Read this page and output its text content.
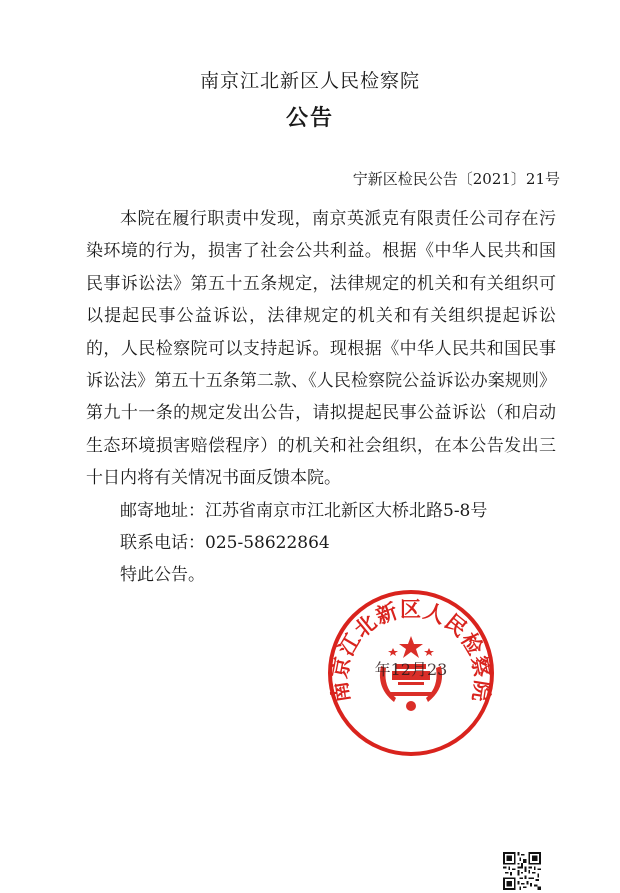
南京江北新区人民检察院
公告
宁新区检民公告〔2021〕21号

本院在履行职责中发现，南京英派克有限责任公司存在污染环境的行为，损害了社会公共利益。根据《中华人民共和国民事诉讼法》第五十五条规定，法律规定的机关和有关组织可以提起民事公益诉讼，法律规定的机关和有关组织提起诉讼的，人民检察院可以支持起诉。现根据《中华人民共和国民事诉讼法》第五十五条第二款、《人民检察院公益诉讼办案规则》第九十一条的规定发出公告，请拟提起民事公益诉讼（和启动生态环境损害赔偿程序）的机关和社会组织，在本公告发出三十日内将有关情况书面反馈本院。

邮寄地址：江苏省南京市江北新区大桥北路5-8号
联系电话：025-58622864
特此公告。
南京江北新区人民检察院
年12月23
